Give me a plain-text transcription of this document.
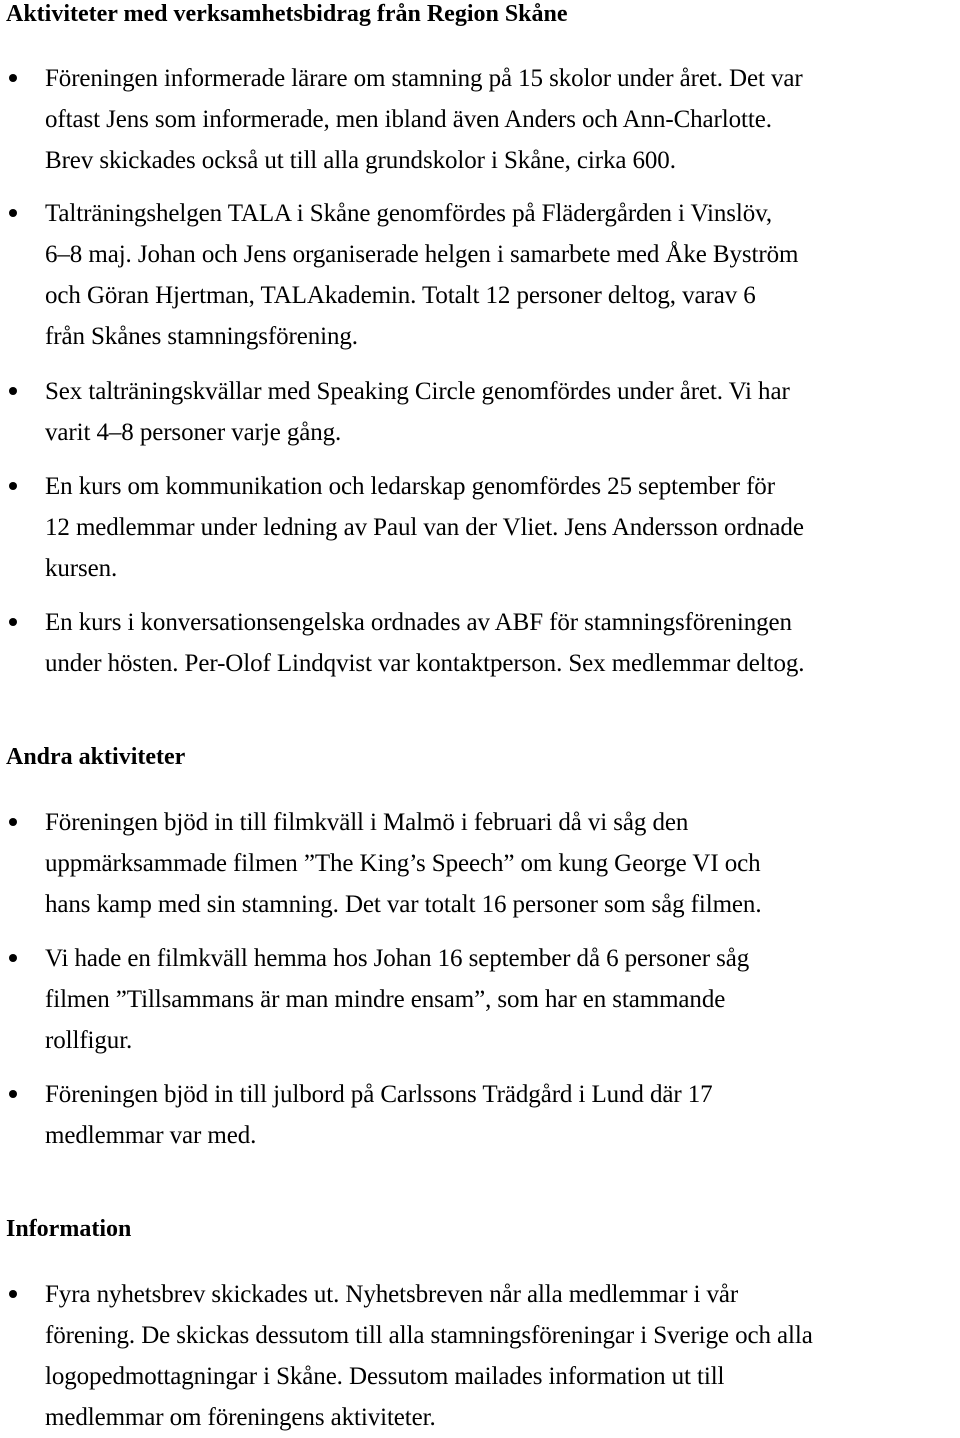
Aktiviteter med verksamhetsbidrag från Region Skåne

Föreningen informerade lärare om stamning på 15 skolor under året. Det var
oftast Jens som informerade, men ibland även Anders och Ann-Charlotte.
Brev skickades också ut till alla grundskolor i Skåne, cirka 600.

Talträningshelgen TALA i Skåne genomfördes på Flädergården i Vinslöv,
6–8 maj. Johan och Jens organiserade helgen i samarbete med Åke Byström
och Göran Hjertman, TALAkademin. Totalt 12 personer deltog, varav 6
från Skånes stamningsförening.

Sex talträningskvällar med Speaking Circle genomfördes under året. Vi har
varit 4–8 personer varje gång.

En kurs om kommunikation och ledarskap genomfördes 25 september för
12 medlemmar under ledning av Paul van der Vliet. Jens Andersson ordnade
kursen.

En kurs i konversationsengelska ordnades av ABF för stamningsföreningen
under hösten. Per-Olof Lindqvist var kontaktperson. Sex medlemmar deltog.

Andra aktiviteter

Föreningen bjöd in till filmkväll i Malmö i februari då vi såg den
uppmärksammade filmen ”The King’s Speech” om kung George VI och
hans kamp med sin stamning. Det var totalt 16 personer som såg filmen.

Vi hade en filmkväll hemma hos Johan 16 september då 6 personer såg
filmen ”Tillsammans är man mindre ensam”, som har en stammande
rollfigur.

Föreningen bjöd in till julbord på Carlssons Trädgård i Lund där 17
medlemmar var med.

Information

Fyra nyhetsbrev skickades ut. Nyhetsbreven når alla medlemmar i vår
förening. De skickas dessutom till alla stamningsföreningar i Sverige och alla
logopedmottagningar i Skåne. Dessutom mailades information ut till
medlemmar om föreningens aktiviteter.
